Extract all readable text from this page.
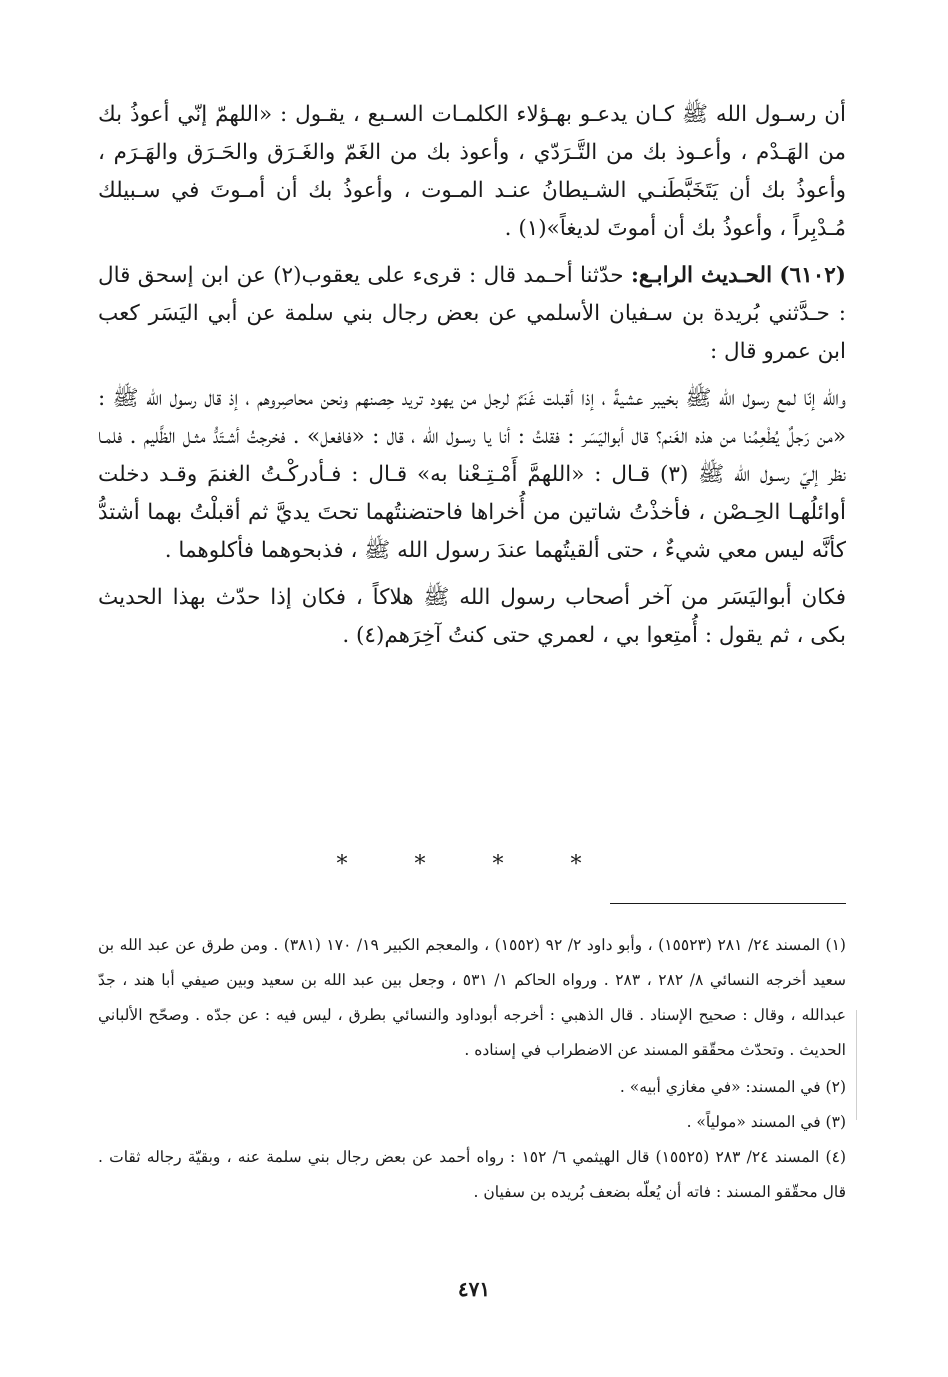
أن رسـول الله ﷺ كـان يدعـو بهـؤلاء الكلمـات السـبع ، يقـول : «اللهمّ إنّي أعوذُ بك من الهَـدْم ، وأعـوذ بك من التَّـرَدّي ، وأعوذ بك من الغَمّ والغَـرَق والحَـرَق والهَـرَم ، وأعوذُ بك أن يَتَخَبَّطَنـي الشـيطانُ عنـد المـوت ، وأعوذُ بك أن أمـوتَ في سـبيلك مُـدْبِراً ، وأعوذُ بك أن أموتَ لديغاً»(١) .

(٦١٠٢) الحـديث الرابـع: حدّثنا أحـمد قال : قرىء على يعقوب(٢) عن ابن إسحق قال : حـدَّثني بُريدة بن سـفيان الأسلمي عن بعض رجال بني سلمة عن أبي اليَسَر كعب ابن عمرو قال :

والله إنّا لمع رسول الله ﷺ بخيبر عشيةً ، إذا أقبلت غَنَمٌ لرجل من يهود تريد حِصنهم ونحن محاصِروهم ، إذ قال رسول الله ﷺ : «من رَجلٌ يُطْعِمُنا من هذه الغَنم؟ قال أبواليَسَر : فقلتُ : أنا يا رسـول الله ، قال : «فافعل» . فخرجتُ أشـتَدُّ مثـل الظَّليم . فلمـا نظر إليّ رسـول الله ﷺ (٣) قـال : «اللهمَّ أَمْـتِـعْنا به» قـال : فـأدركْـتُ الغنمَ وقـد دخلت أوائلُهـا الحِـصْن ، فأخذْتُ شاتين من أُخراها فاحتضنتُهما تحتَ يديَّ ثم أقبلْتُ بهما أشتدُّ كأنَّه ليس معي شيءٌ ، حتى ألقيتُهما عندَ رسول الله ﷺ ، فذبحوهما فأكلوهما .

فكان أبواليَسَر من آخر أصحاب رسول الله ﷺ هلاكاً ، فكان إذا حدّث بهذا الحديث بكى ، ثم يقول : أُمتِعوا بي ، لعمري حتى كنتُ آخِرَهم(٤) .

* * * *

(١) المسند ٢٤/ ٢٨١ (١٥٥٢٣) ، وأبو داود ٢/ ٩٢ (١٥٥٢) ، والمعجم الكبير ١٩/ ١٧٠ (٣٨١) . ومن طرق عن عبد الله بن سعيد أخرجه النسائي ٨/ ٢٨٢ ، ٢٨٣ . ورواه الحاكم ١/ ٥٣١ ، وجعل بين عبد الله بن سعيد وبين صيفي أبا هند ، جدّ عبدالله ، وقال : صحيح الإسناد . قال الذهبي : أخرجه أبوداود والنسائي بطرق ، ليس فيه : عن جدّه . وصحّح الألباني الحديث . وتحدّث محقّقو المسند عن الاضطراب في إسناده .

(٢) في المسند: «في مغازي أبيه» .

(٣) في المسند «مولياً» .

(٤) المسند ٢٤/ ٢٨٣ (١٥٥٢٥) قال الهيثمي ٦/ ١٥٢ : رواه أحمد عن بعض رجال بني سلمة عنه ، وبقيّة رجاله ثقات . قال محقّقو المسند : فاته أن يُعلّه بضعف بُريده بن سفيان .

٤٧١
